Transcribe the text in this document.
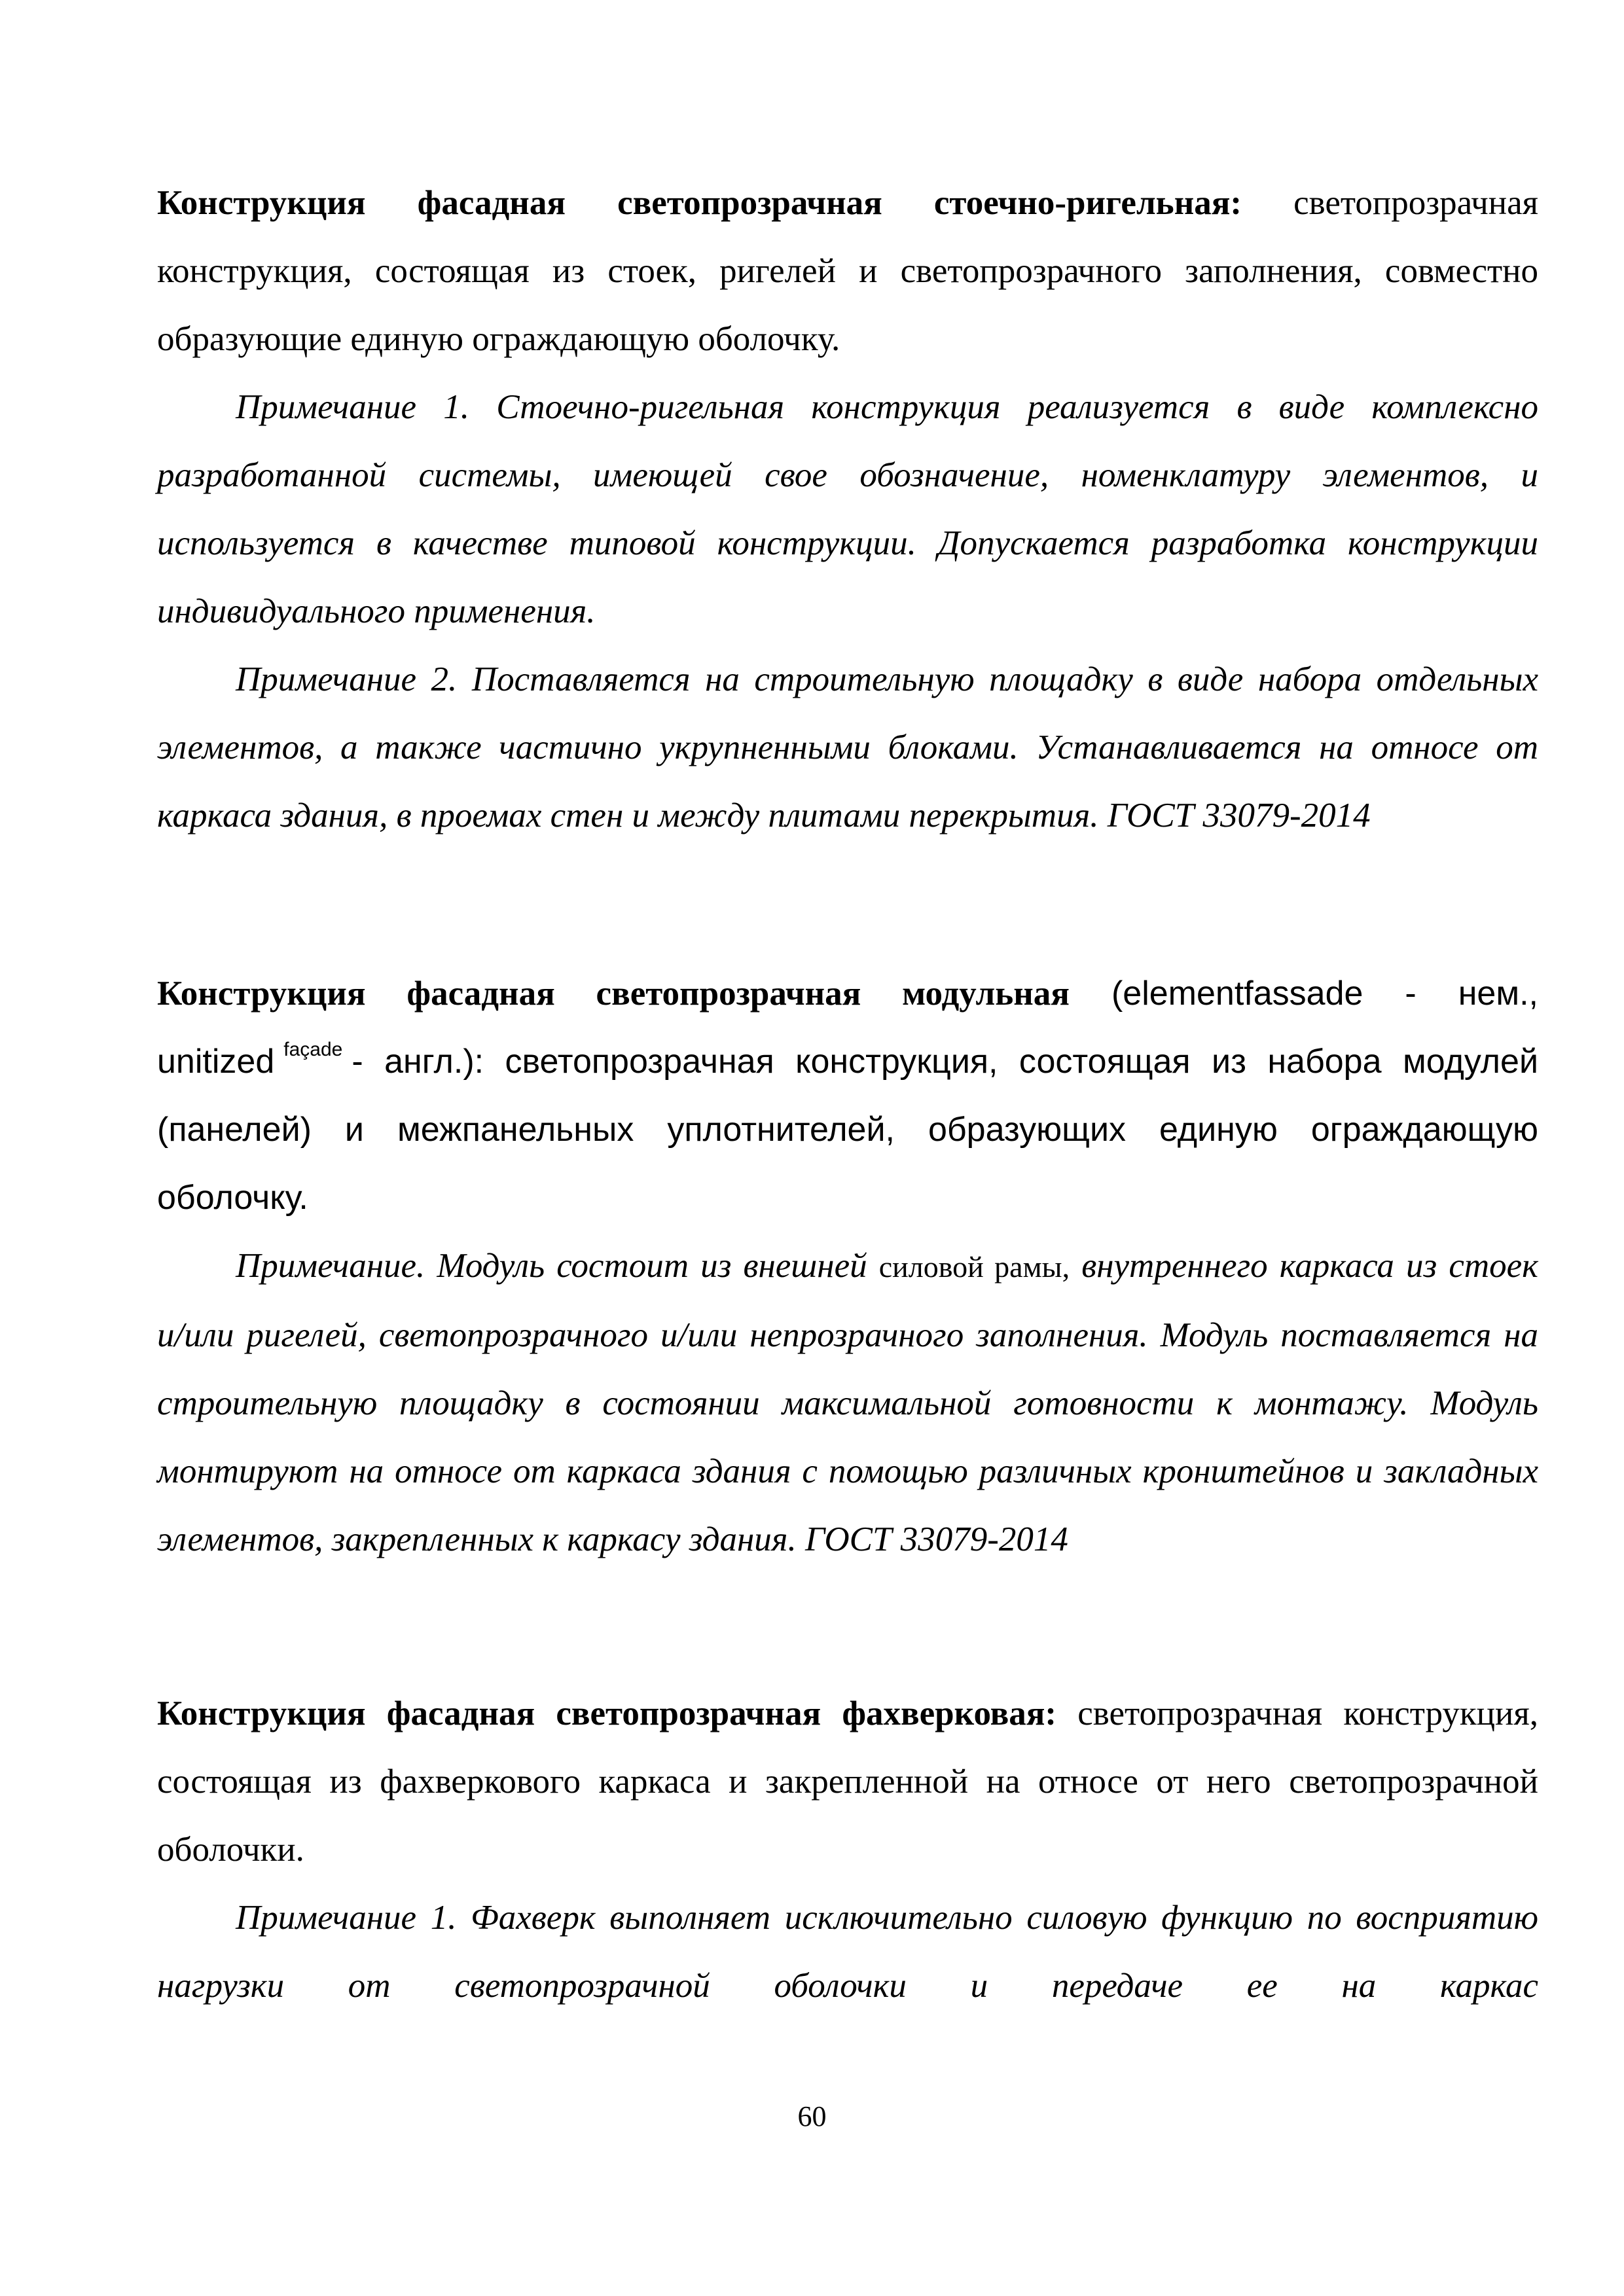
Конструкция фасадная светопрозрачная стоечно-ригельная: светопрозрачная конструкция, состоящая из стоек, ригелей и светопрозрачного заполнения, совместно образующие единую ограждающую оболочку.

Примечание 1. Стоечно-ригельная конструкция реализуется в виде комплексно разработанной системы, имеющей свое обозначение, номенклатуру элементов, и используется в качестве типовой конструкции. Допускается разработка конструкции индивидуального применения.

Примечание 2. Поставляется на строительную площадку в виде набора отдельных элементов, а также частично укрупненными блоками. Устанавливается на относе от каркаса здания, в проемах стен и между плитами перекрытия. ГОСТ 33079-2014

Конструкция фасадная светопрозрачная модульная (elementfassade - нем., unitized $^{façade}$ - англ.): светопрозрачная конструкция, состоящая из набора модулей (панелей) и межпанельных уплотнителей, образующих единую ограждающую оболочку.

Примечание. Модуль состоит из внешней силовой рамы, внутреннего каркаса из стоек и/или ригелей, светопрозрачного и/или непрозрачного заполнения. Модуль поставляется на строительную площадку в состоянии максимальной готовности к монтажу. Модуль монтируют на относе от каркаса здания с помощью различных кронштейнов и закладных элементов, закрепленных к каркасу здания. ГОСТ 33079-2014

Конструкция фасадная светопрозрачная фахверковая: светопрозрачная конструкция, состоящая из фахверкового каркаса и закрепленной на относе от него светопрозрачной оболочки.

Примечание 1. Фахверк выполняет исключительно силовую функцию по восприятию нагрузки от светопрозрачной оболочки и передаче ее на каркас

60
